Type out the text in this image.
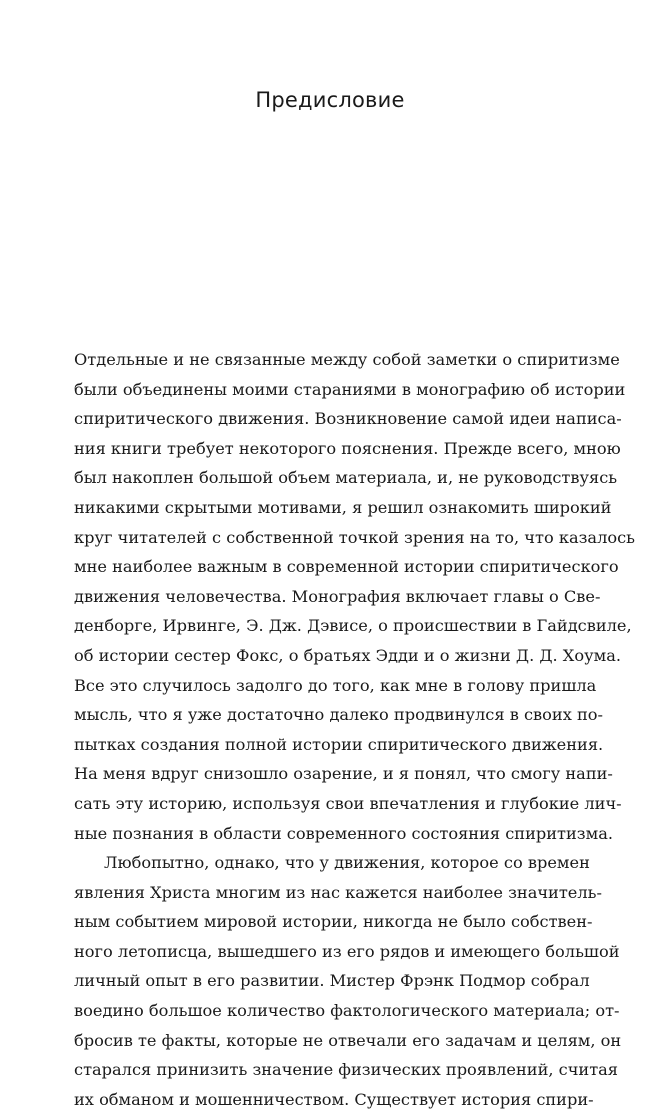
Предисловие
Отдельные и не связанные между собой заметки о спиритизме
были объединены моими стараниями в монографию об истории
спиритического движения. Возникновение самой идеи написа-
ния книги требует некоторого пояснения. Прежде всего, мною
был накоплен большой объем материала, и, не руководствуясь
никакими скрытыми мотивами, я решил ознакомить широкий
круг читателей с собственной точкой зрения на то, что казалось
мне наиболее важным в современной истории спиритического
движения человечества. Монография включает главы о Све-
денборге, Ирвинге, Э. Дж. Дэвисе, о происшествии в Гайдсвиле,
об истории сестер Фокс, о братьях Эдди и о жизни Д. Д. Хоума.
Все это случилось задолго до того, как мне в голову пришла
мысль, что я уже достаточно далеко продвинулся в своих по-
пытках создания полной истории спиритического движения.
На меня вдруг снизошло озарение, и я понял, что смогу напи-
сать эту историю, используя свои впечатления и глубокие лич-
ные познания в области современного состояния спиритизма.
Любопытно, однако, что у движения, которое со времен
явления Христа многим из нас кажется наиболее значитель-
ным событием мировой истории, никогда не было собствен-
ного летописца, вышедшего из его рядов и имеющего большой
личный опыт в его развитии. Мистер Фрэнк Подмор собрал
воедино большое количество фактологического материала; от-
бросив те факты, которые не отвечали его задачам и целям, он
старался принизить значение физических проявлений, считая
их обманом и мошенничеством. Существует история спири-
